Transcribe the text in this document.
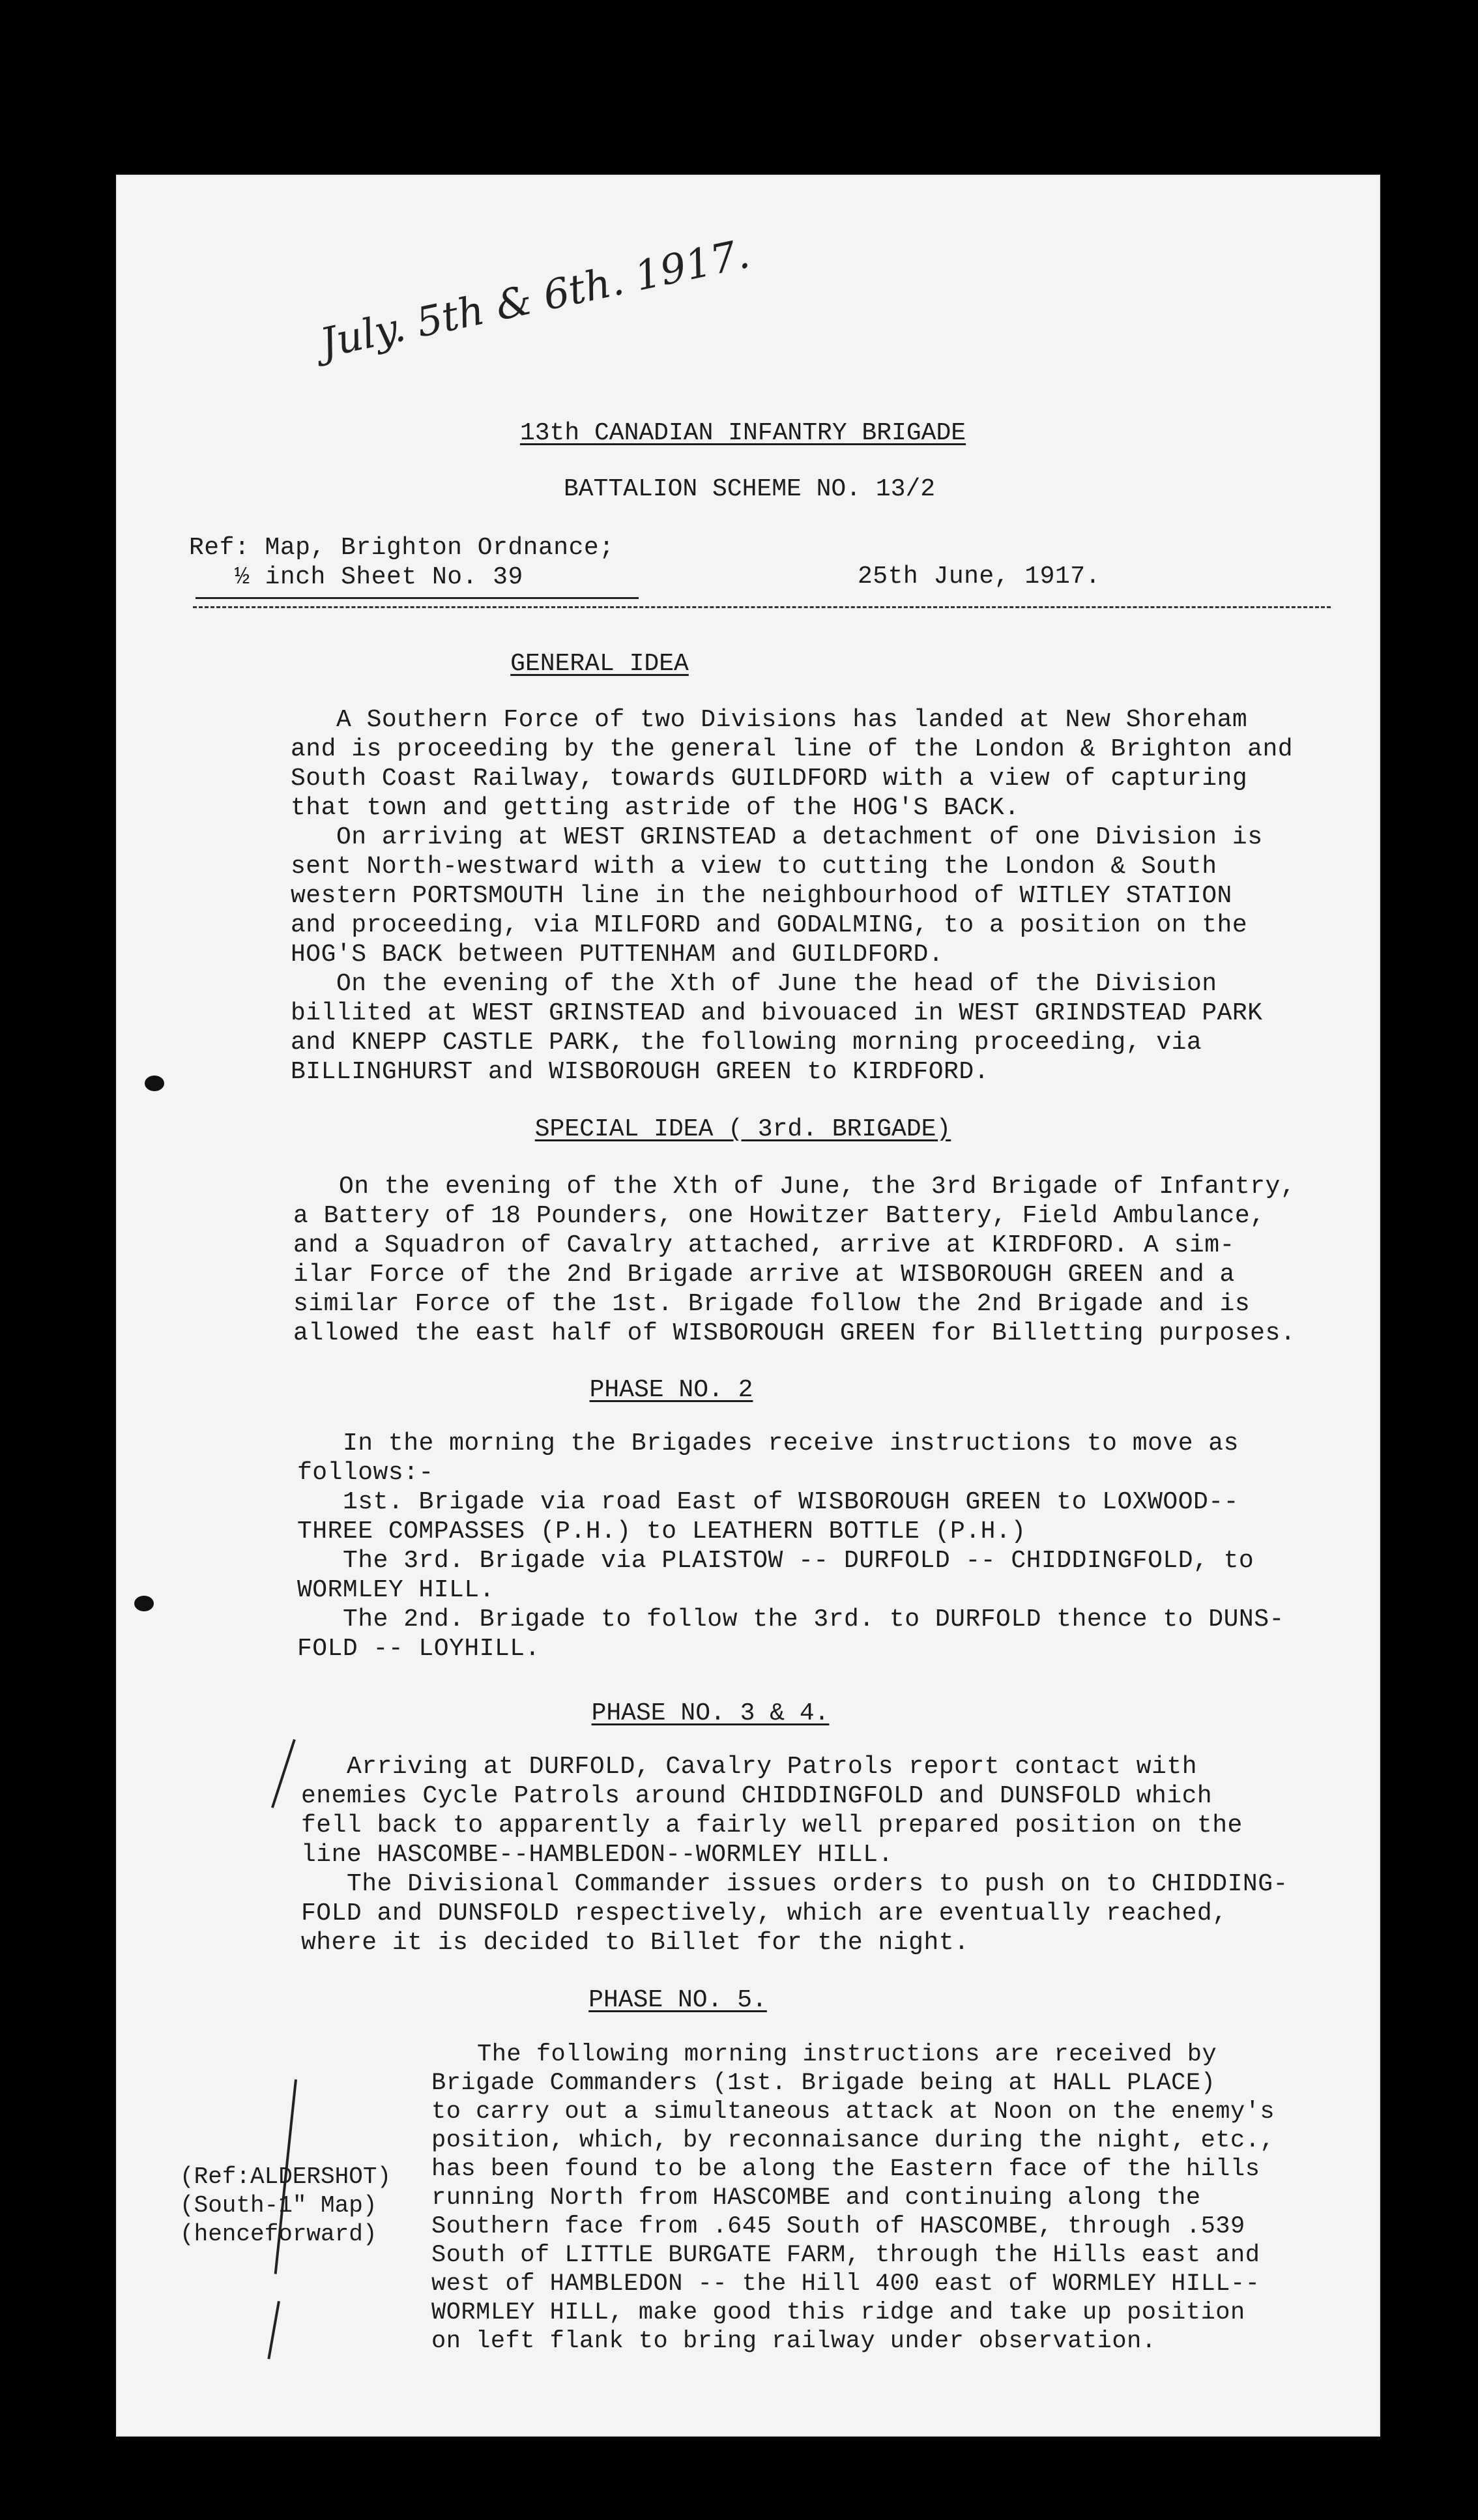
July. 5th & 6th. 1917.
13th CANADIAN INFANTRY BRIGADE
BATTALION SCHEME NO. 13/2
Ref: Map, Brighton Ordnance;
½ inch Sheet No. 39	25th June, 1917.
GENERAL IDEA
A Southern Force of two Divisions has landed at New Shoreham
and is proceeding by the general line of the London & Brighton and
South Coast Railway, towards GUILDFORD with a view of capturing
that town and getting astride of the HOG'S BACK.
On arriving at WEST GRINSTEAD a detachment of one Division is
sent North-westward with a view to cutting the London & South
western PORTSMOUTH line in the neighbourhood of WITLEY STATION
and proceeding, via MILFORD and GODALMING, to a position on the
HOG'S BACK between PUTTENHAM and GUILDFORD.
On the evening of the Xth of June the head of the Division
billited at WEST GRINSTEAD and bivouaced in WEST GRINDSTEAD PARK
and KNEPP CASTLE PARK, the following morning proceeding, via
BILLINGHURST and WISBOROUGH GREEN to KIRDFORD.
SPECIAL IDEA ( 3rd. BRIGADE)
On the evening of the Xth of June, the 3rd Brigade of Infantry,
a Battery of 18 Pounders, one Howitzer Battery, Field Ambulance,
and a Squadron of Cavalry attached, arrive at KIRDFORD. A sim-
ilar Force of the 2nd Brigade arrive at WISBOROUGH GREEN and a
similar Force of the 1st. Brigade follow the 2nd Brigade and is
allowed the east half of WISBOROUGH GREEN for Billetting purposes.
PHASE NO. 2
In the morning the Brigades receive instructions to move as
follows:-
1st. Brigade via road East of WISBOROUGH GREEN to LOXWOOD--
THREE COMPASSES (P.H.) to LEATHERN BOTTLE (P.H.)
The 3rd. Brigade via PLAISTOW -- DURFOLD -- CHIDDINGFOLD, to
WORMLEY HILL.
The 2nd. Brigade to follow the 3rd. to DURFOLD thence to DUNS-
FOLD -- LOYHILL.
PHASE NO. 3 & 4.
Arriving at DURFOLD, Cavalry Patrols report contact with
enemies Cycle Patrols around CHIDDINGFOLD and DUNSFOLD which
fell back to apparently a fairly well prepared position on the
line HASCOMBE--HAMBLEDON--WORMLEY HILL.
The Divisional Commander issues orders to push on to CHIDDING-
FOLD and DUNSFOLD respectively, which are eventually reached,
where it is decided to Billet for the night.
PHASE NO. 5.
(Ref:ALDERSHOT)
(South-1" Map)
(henceforward)
The following morning instructions are received by
Brigade Commanders (1st. Brigade being at HALL PLACE)
to carry out a simultaneous attack at Noon on the enemy's
position, which, by reconnaisance during the night, etc.,
has been found to be along the Eastern face of the hills
running North from HASCOMBE and continuing along the
Southern face from .645 South of HASCOMBE, through .539
South of LITTLE BURGATE FARM, through the Hills east and
west of HAMBLEDON -- the Hill 400 east of WORMLEY HILL--
WORMLEY HILL, make good this ridge and take up position
on left flank to bring railway under observation.
